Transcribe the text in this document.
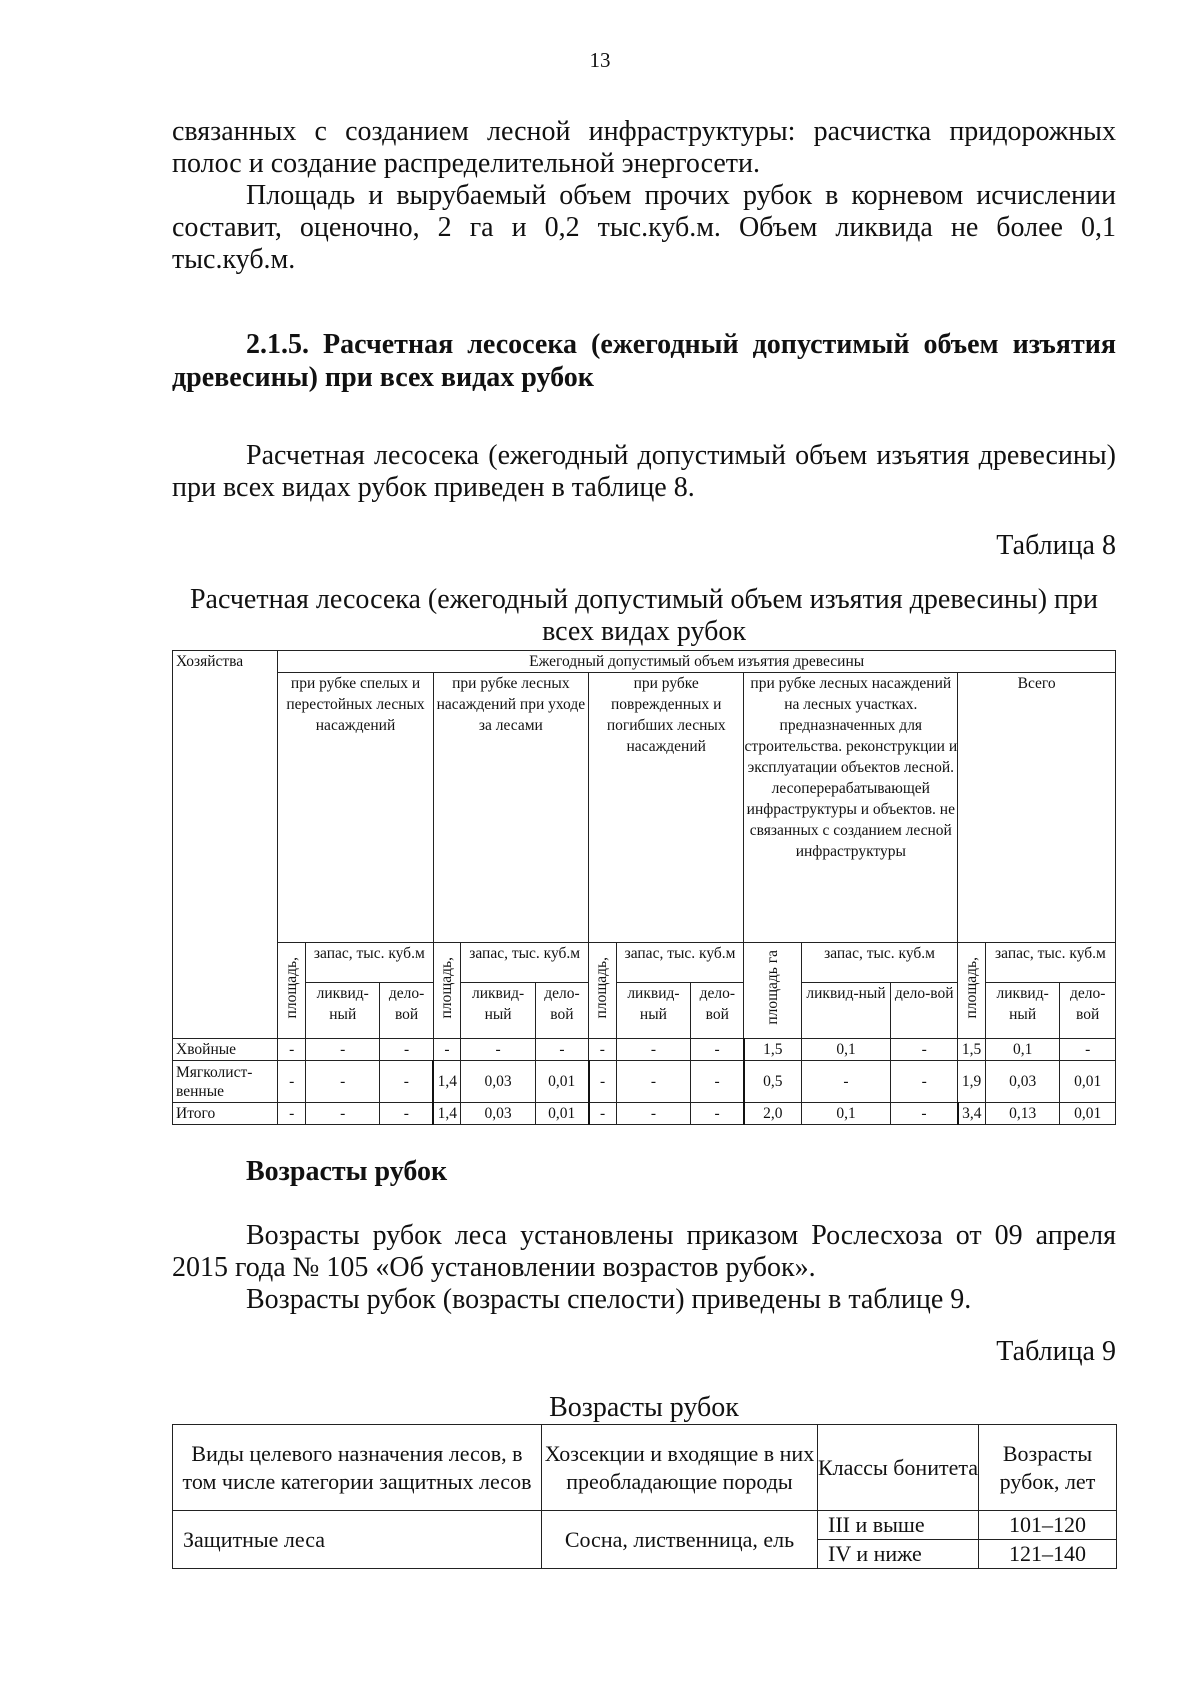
13

связанных с созданием лесной инфраструктуры: расчистка придорожных полос и создание распределительной энергосети.

Площадь и вырубаемый объем прочих рубок в корневом исчислении составит, оценочно, 2 га и 0,2 тыс.куб.м. Объем ликвида не более 0,1 тыс.куб.м.

2.1.5. Расчетная лесосека (ежегодный допустимый объем изъятия древесины) при всех видах рубок

Расчетная лесосека (ежегодный допустимый объем изъятия древесины) при всех видах рубок приведен в таблице 8.

Таблица 8
Расчетная лесосека (ежегодный допустимый объем изъятия древесины) при всех видах рубок
Хозяйства	Ежегодный допустимый объем изъятия древесины														
	при рубке спелых и перестойных лесных насаждений			при рубке лесных насаждений при уходе за лесами			при рубке поврежденных и погибших лесных насаждений			при рубке лесных насаждений на лесных участках. предназначенных для строительства. реконструкции и эксплуатации объектов лесной. лесоперерабатывающей инфраструктуры и объектов. не связанных с созданием лесной инфраструктуры			Всего		
	площадь,	запас, тыс. куб.м		площадь,	запас, тыс. куб.м		площадь,	запас, тыс. куб.м		площадь га	запас, тыс. куб.м		площадь,	запас, тыс. куб.м	
		ликвид-ный	дело-вой		ликвид-ный	дело-вой		ликвид-ный	дело-вой		ликвид-ный	дело-вой		ликвид-ный	дело-вой
Хвойные	-	-	-	-	-	-	-	-	-	1,5	0,1	-	1,5	0,1	-
Мягколист-венные	-	-	-	1,4	0,03	0,01	-	-	-	0,5	-	-	1,9	0,03	0,01
Итого	-	-	-	1,4	0,03	0,01	-	-	-	2,0	0,1	-	3,4	0,13	0,01
Возрасты рубок

Возрасты рубок леса установлены приказом Рослесхоза от 09 апреля 2015 года № 105 «Об установлении возрастов рубок».

Возрасты рубок (возрасты спелости) приведены в таблице 9.

Таблица 9
Возрасты рубок
Виды целевого назначения лесов, в том числе категории защитных лесов	Хозсекции и входящие в них преобладающие породы	Классы бонитета	Возрасты рубок, лет
Защитные леса	Сосна, лиственница, ель	III и выше	101–120
		IV и ниже	121–140
